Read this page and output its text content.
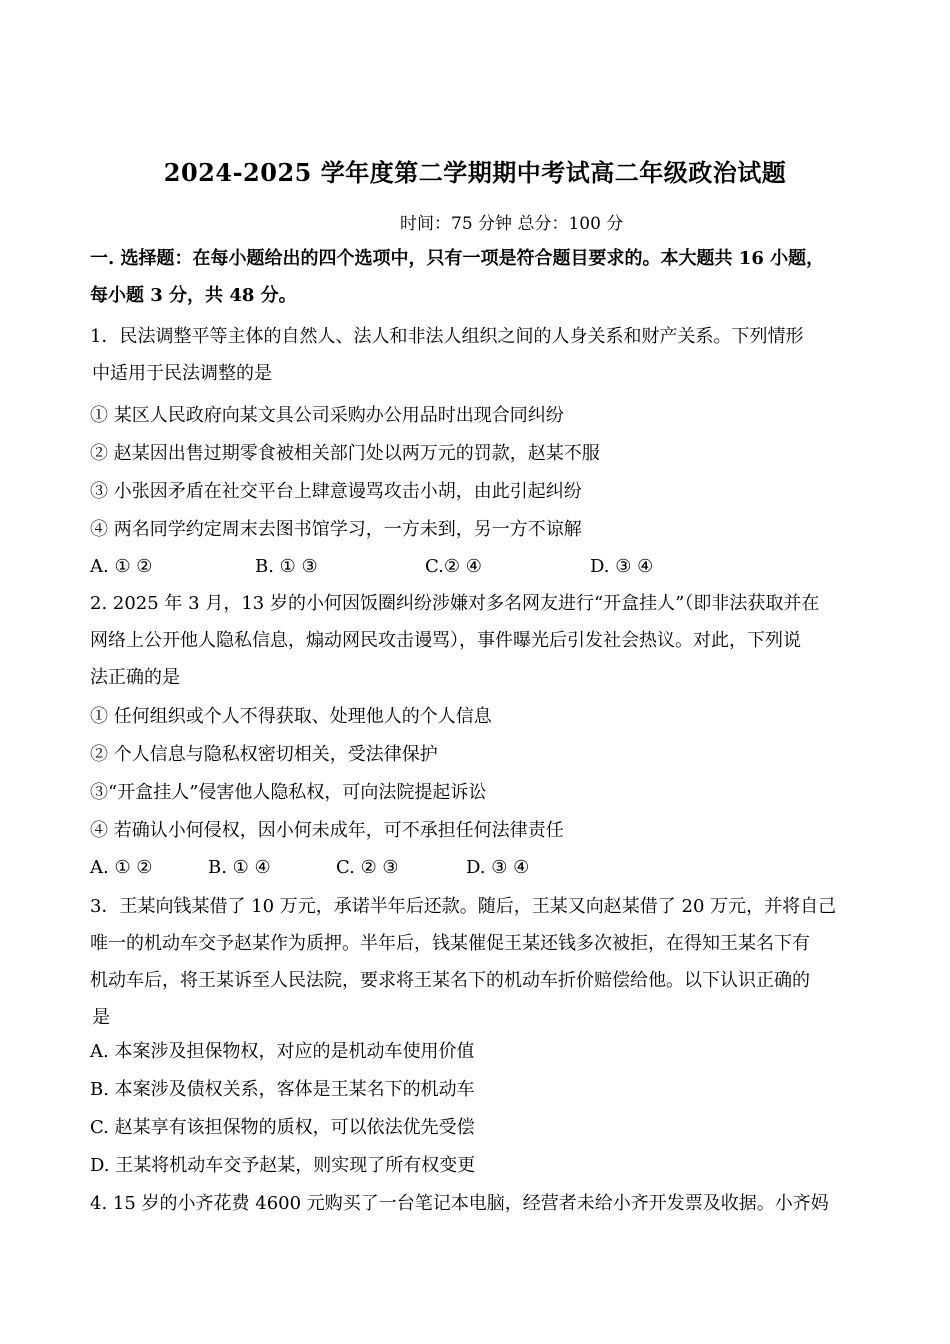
2024-2025 学年度第二学期期中考试高二年级政治试题
时间：75 分钟 总分：100 分
一. 选择题：在每小题给出的四个选项中，只有一项是符合题目要求的。本大题共 16 小题，
每小题 3 分，共 48 分。
1．民法调整平等主体的自然人、法人和非法人组织之间的人身关系和财产关系。下列情形
中适用于民法调整的是
① 某区人民政府向某文具公司采购办公用品时出现合同纠纷
② 赵某因出售过期零食被相关部门处以两万元的罚款，赵某不服
③ 小张因矛盾在社交平台上肆意谩骂攻击小胡，由此引起纠纷
④ 两名同学约定周末去图书馆学习，一方未到，另一方不谅解
A. ① ②	B. ① ③	C.② ④	D. ③ ④
2. 2025 年 3 月，13 岁的小何因饭圈纠纷涉嫌对多名网友进行“开盒挂人”（即非法获取并在
网络上公开他人隐私信息，煽动网民攻击谩骂），事件曝光后引发社会热议。对此，下列说
法正确的是
① 任何组织或个人不得获取、处理他人的个人信息
② 个人信息与隐私权密切相关，受法律保护
③“开盒挂人”侵害他人隐私权，可向法院提起诉讼
④ 若确认小何侵权，因小何未成年，可不承担任何法律责任
A. ① ②	B. ① ④	C. ② ③	D. ③ ④
3．王某向钱某借了 10 万元，承诺半年后还款。随后，王某又向赵某借了 20 万元，并将自己
唯一的机动车交予赵某作为质押。半年后，钱某催促王某还钱多次被拒，在得知王某名下有
机动车后，将王某诉至人民法院，要求将王某名下的机动车折价赔偿给他。以下认识正确的
是
A. 本案涉及担保物权，对应的是机动车使用价值
B. 本案涉及债权关系，客体是王某名下的机动车
C. 赵某享有该担保物的质权，可以依法优先受偿
D. 王某将机动车交予赵某，则实现了所有权变更
4. 15 岁的小齐花费 4600 元购买了一台笔记本电脑，经营者未给小齐开发票及收据。小齐妈
